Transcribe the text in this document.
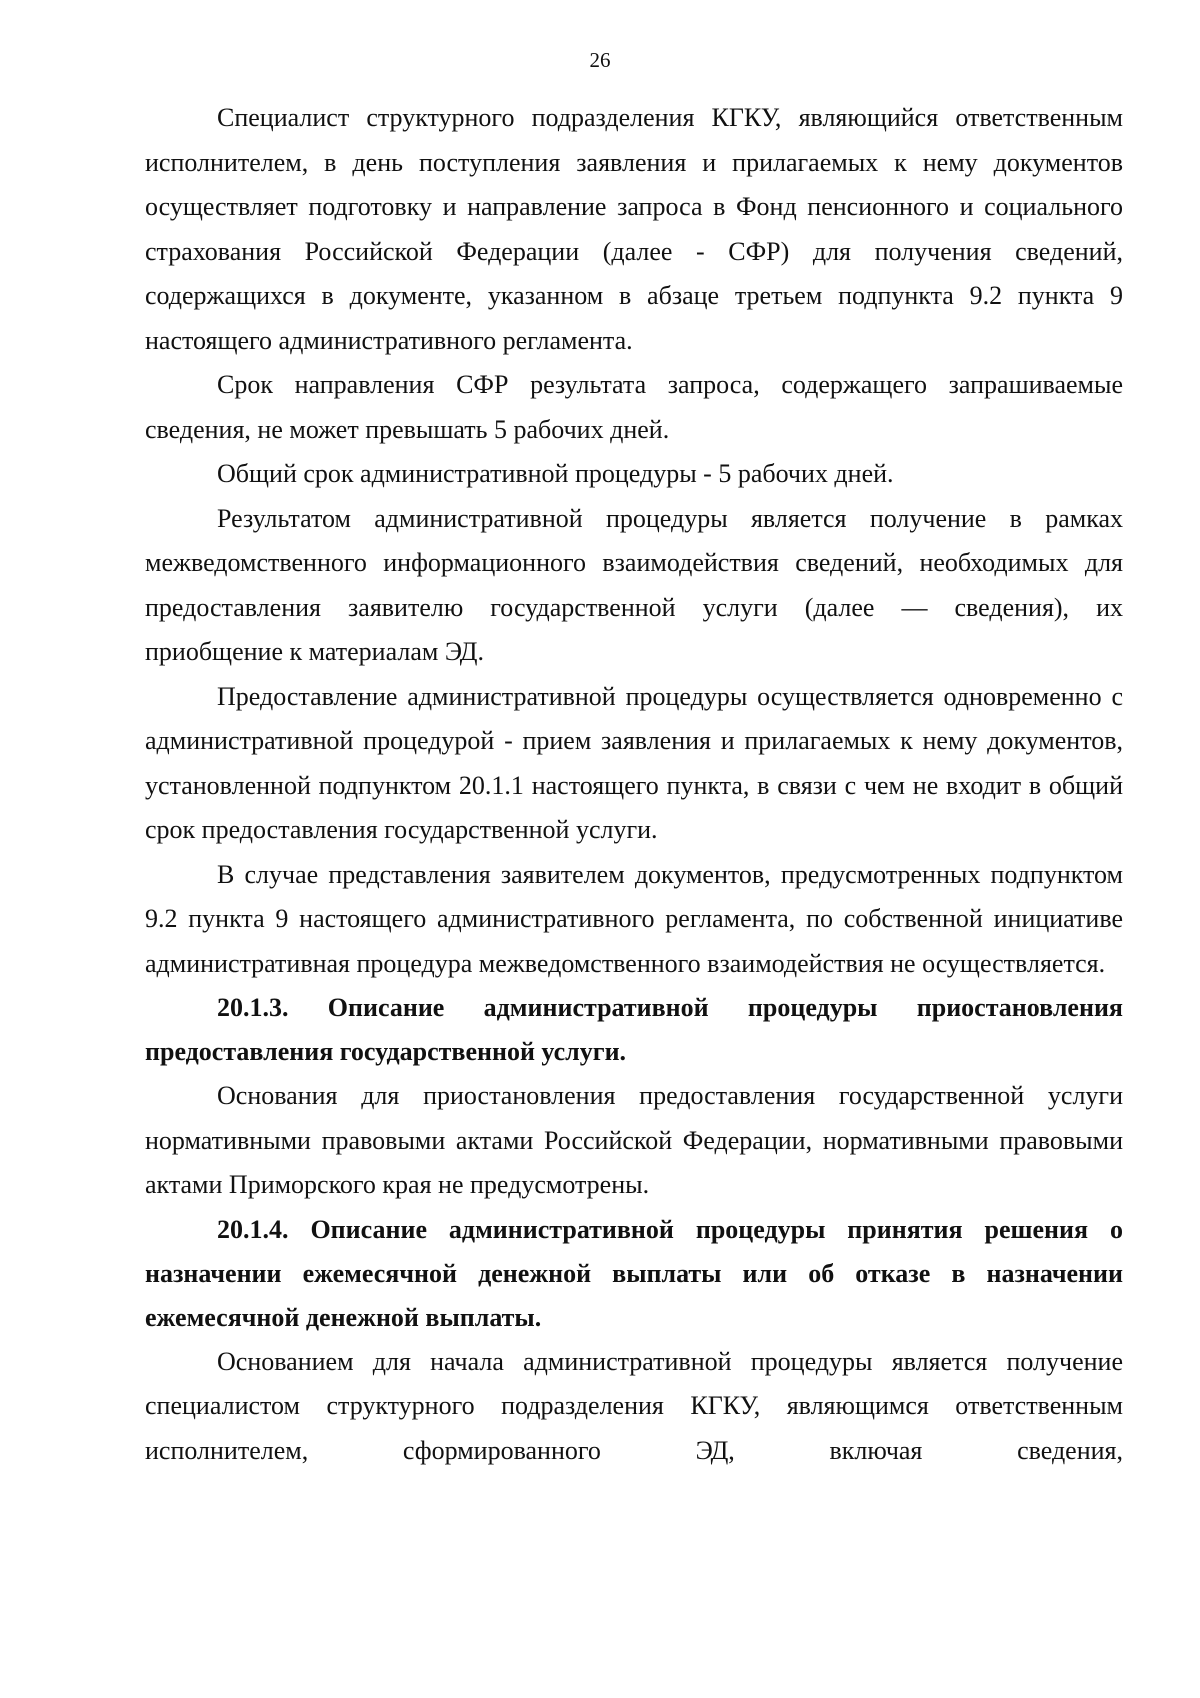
26

Специалист структурного подразделения КГКУ, являющийся ответственным исполнителем, в день поступления заявления и прилагаемых к нему документов осуществляет подготовку и направление запроса в Фонд пенсионного и социального страхования Российской Федерации (далее - СФР) для получения сведений, содержащихся в документе, указанном в абзаце третьем подпункта 9.2 пункта 9 настоящего административного регламента.

Срок направления СФР результата запроса, содержащего запрашиваемые сведения, не может превышать 5 рабочих дней.

Общий срок административной процедуры - 5 рабочих дней.

Результатом административной процедуры является получение в рамках межведомственного информационного взаимодействия сведений, необходимых для предоставления заявителю государственной услуги (далее — сведения), их приобщение к материалам ЭД.

Предоставление административной процедуры осуществляется одновременно с административной процедурой - прием заявления и прилагаемых к нему документов, установленной подпунктом 20.1.1 настоящего пункта, в связи с чем не входит в общий срок предоставления государственной услуги.

В случае представления заявителем документов, предусмотренных подпунктом 9.2 пункта 9 настоящего административного регламента, по собственной инициативе административная процедура межведомственного взаимодействия не осуществляется.

20.1.3. Описание административной процедуры приостановления предоставления государственной услуги.

Основания для приостановления предоставления государственной услуги нормативными правовыми актами Российской Федерации, нормативными правовыми актами Приморского края не предусмотрены.

20.1.4. Описание административной процедуры принятия решения о назначении ежемесячной денежной выплаты или об отказе в назначении ежемесячной денежной выплаты.

Основанием для начала административной процедуры является получение специалистом структурного подразделения КГКУ, являющимся ответственным исполнителем, сформированного ЭД, включая сведения,
